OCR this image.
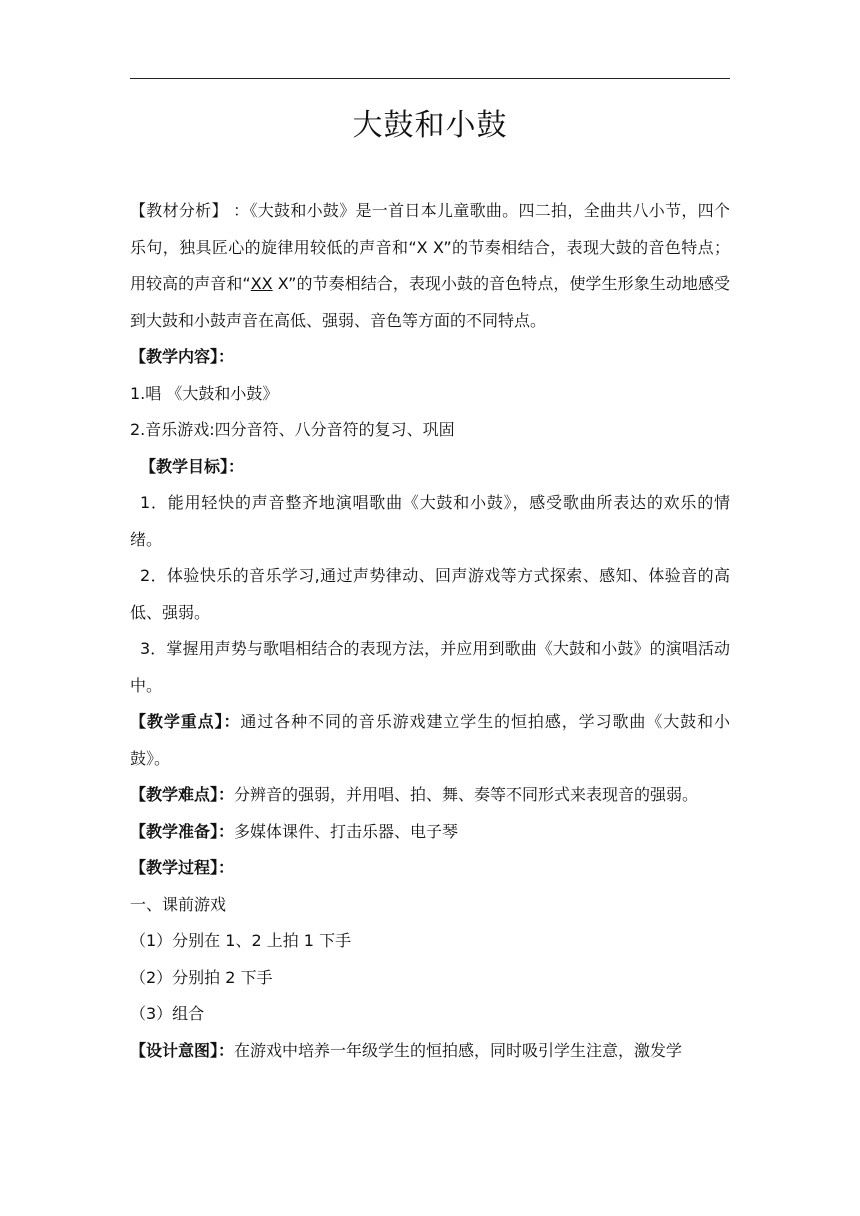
大鼓和小鼓

【教材分析】 ：《大鼓和小鼓》是一首日本儿童歌曲。四二拍，全曲共八小节，四个乐句，独具匠心的旋律用较低的声音和“X X”的节奏相结合，表现大鼓的音色特点；用较高的声音和“XX X”的节奏相结合，表现小鼓的音色特点，使学生形象生动地感受到大鼓和小鼓声音在高低、强弱、音色等方面的不同特点。

【教学内容】：

1.唱 《大鼓和小鼓》

2.音乐游戏:四分音符、八分音符的复习、巩固

【教学目标】：

1．能用轻快的声音整齐地演唱歌曲《大鼓和小鼓》，感受歌曲所表达的欢乐的情绪。

2．体验快乐的音乐学习,通过声势律动、回声游戏等方式探索、感知、体验音的高低、强弱。

3．掌握用声势与歌唱相结合的表现方法，并应用到歌曲《大鼓和小鼓》的演唱活动中。

【教学重点】：通过各种不同的音乐游戏建立学生的恒拍感，学习歌曲《大鼓和小鼓》。

【教学难点】：分辨音的强弱，并用唱、拍、舞、奏等不同形式来表现音的强弱。

【教学准备】：多媒体课件、打击乐器、电子琴

【教学过程】：

一、课前游戏

（1）分别在 1、2 上拍 1 下手

（2）分别拍 2 下手

（3）组合

【设计意图】：在游戏中培养一年级学生的恒拍感，同时吸引学生注意，激发学
